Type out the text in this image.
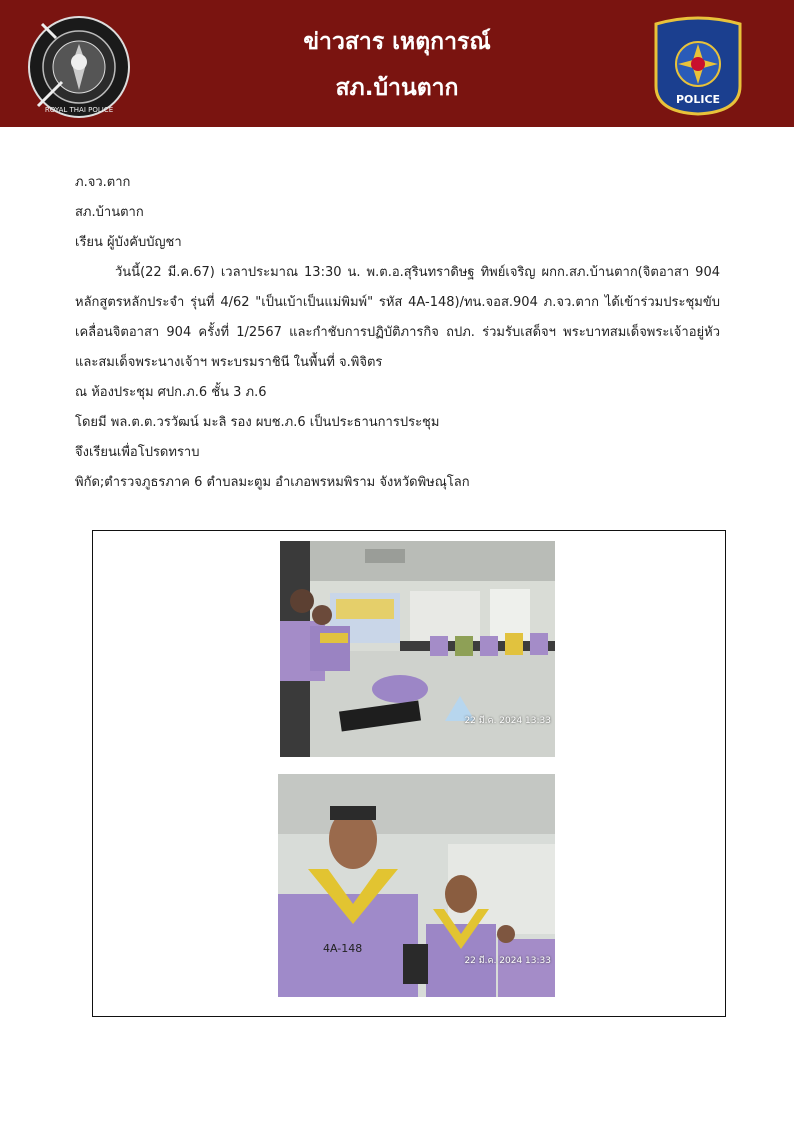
ROYAL THAI POLICE
ข่าวสาร เหตุการณ์
สภ.บ้านตาก	POLICE

ภ.จว.ตาก

สภ.บ้านตาก

เรียน ผู้บังคับบัญชา

วันนี้(22 มี.ค.67) เวลาประมาณ 13:30 น. พ.ต.อ.สุรินทราดิษฐ ทิพย์เจริญ ผกก.สภ.บ้านตาก(จิตอาสา 904 หลักสูตรหลักประจำ รุ่นที่ 4/62 "เป็นเบ้าเป็นแม่พิมพ์" รหัส 4A-148)/ทน.จอส.904 ภ.จว.ตาก ได้เข้าร่วมประชุมขับเคลื่อนจิตอาสา 904 ครั้งที่ 1/2567 และกำชับการปฏิบัติภารกิจ ถปภ. ร่วมรับเสด็จฯ พระบาทสมเด็จพระเจ้าอยู่หัว และสมเด็จพระนางเจ้าฯ พระบรมราชินี ในพื้นที่ จ.พิจิตร

ณ ห้องประชุม ศปก.ภ.6 ชั้น 3 ภ.6

โดยมี พล.ต.ต.วรวัฒน์ มะลิ รอง ผบช.ภ.6 เป็นประธานการประชุม

จึงเรียนเพื่อโปรดทราบ

พิกัด;ตำรวจภูธรภาค 6 ตำบลมะตูม อำเภอพรหมพิราม จังหวัดพิษณุโลก

22 มี.ค. 2024 13:33
4A-148
22 มี.ค. 2024 13:33
